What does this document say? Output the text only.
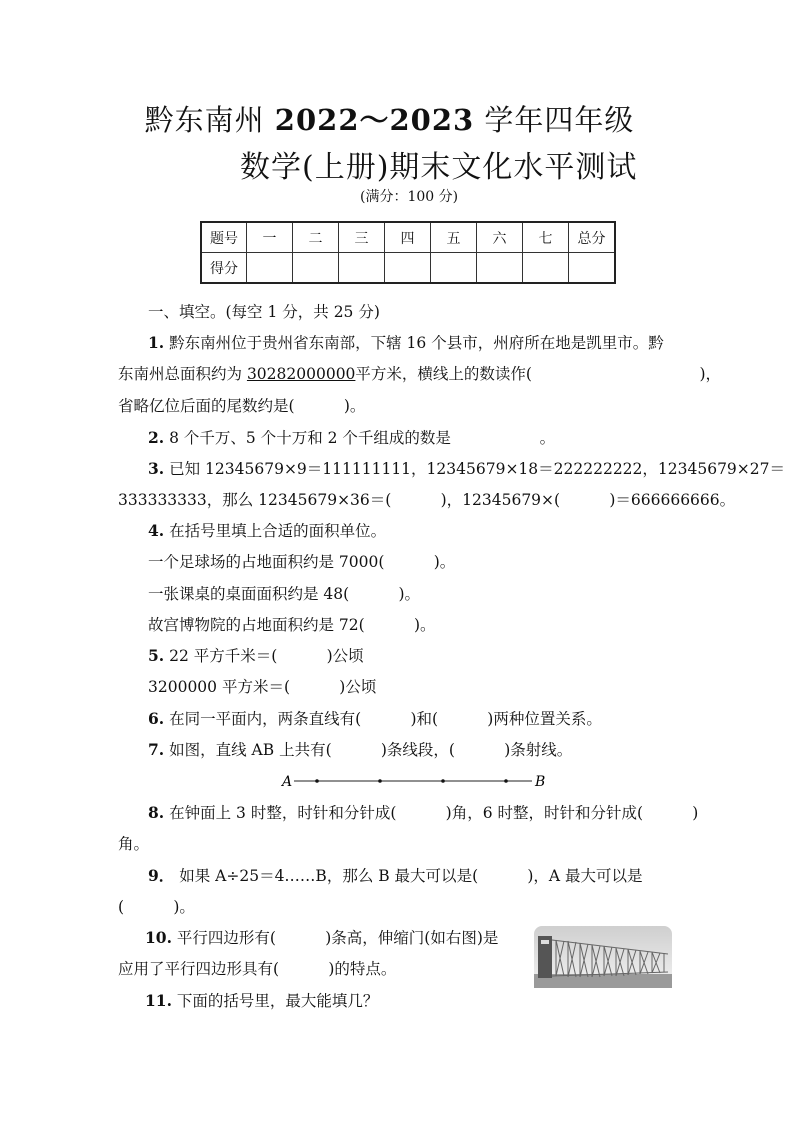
黔东南州 2022～2023 学年四年级
数学(上册)期末文化水平测试
(满分：100 分)
题号	一	二	三	四	五	六	七	总分
得分								
一、填空。(每空 1 分，共 25 分)
1. 黔东南州位于贵州省东南部，下辖 16 个县市，州府所在地是凯里市。黔
东南州总面积约为 30282000000平方米，横线上的数读作(                                  )，
省略亿位后面的尾数约是(          )。
2. 8 个千万、5 个十万和 2 个千组成的数是                  。
3. 已知 12345679×9＝111111111，12345679×18＝222222222，12345679×27＝
333333333，那么 12345679×36＝(          )，12345679×(          )＝666666666。
4. 在括号里填上合适的面积单位。
一个足球场的占地面积约是 7000(          )。
一张课桌的桌面面积约是 48(          )。
故宫博物院的占地面积约是 72(          )。
5. 22 平方千米＝(          )公顷
3200000 平方米＝(          )公顷
6. 在同一平面内，两条直线有(          )和(          )两种位置关系。
7. 如图，直线 AB 上共有(          )条线段，(          )条射线。
A	B
8. 在钟面上 3 时整，时针和分针成(          )角，6 时整，时针和分针成(          )
角。
9． 如果 A÷25＝4……B，那么 B 最大可以是(          )，A 最大可以是
(          )。
10. 平行四边形有(          )条高，伸缩门(如右图)是
应用了平行四边形具有(          )的特点。
11. 下面的括号里，最大能填几？
